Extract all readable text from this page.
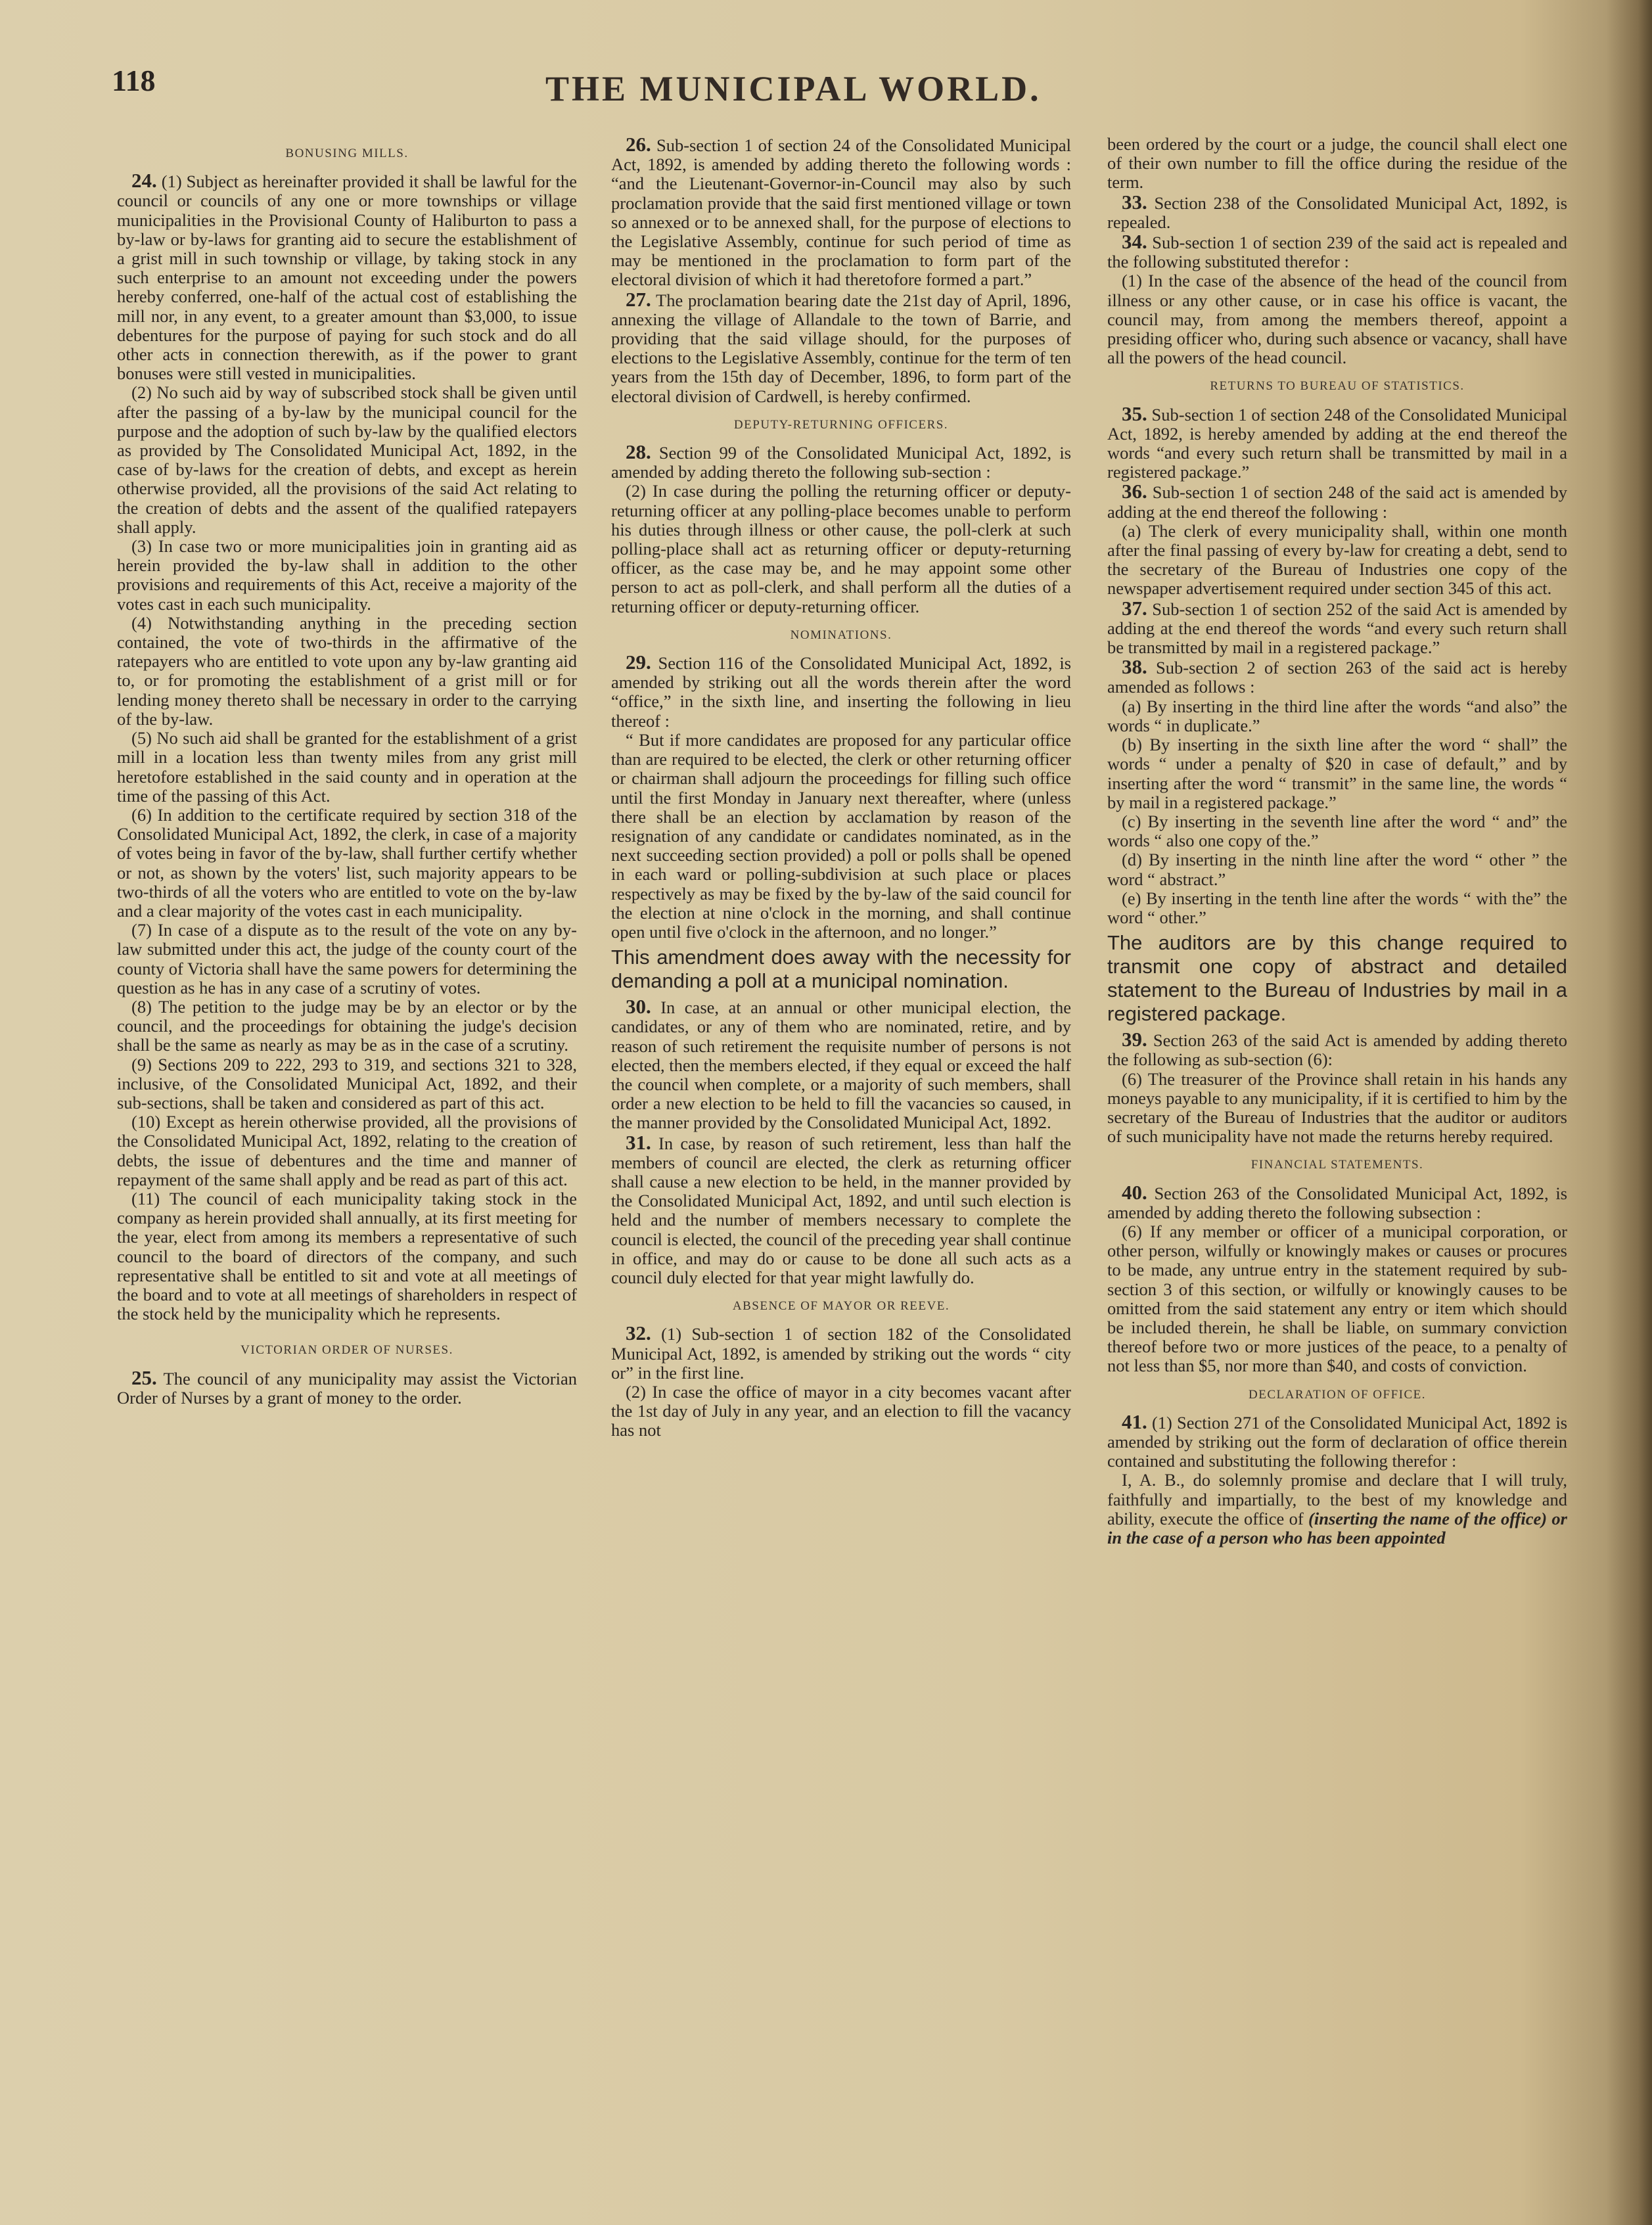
118	THE MUNICIPAL WORLD.
BONUSING MILLS.

24. (1) Subject as hereinafter provided it shall be lawful for the council or councils of any one or more townships or village municipalities in the Provisional County of Haliburton to pass a by-law or by-laws for granting aid to secure the establishment of a grist mill in such township or village, by taking stock in any such enterprise to an amount not exceeding under the powers hereby conferred, one-half of the actual cost of establishing the mill nor, in any event, to a greater amount than $3,000, to issue debentures for the purpose of paying for such stock and do all other acts in connection therewith, as if the power to grant bonuses were still vested in municipalities.

(2) No such aid by way of subscribed stock shall be given until after the passing of a by-law by the municipal council for the purpose and the adoption of such by-law by the qualified electors as provided by The Consolidated Municipal Act, 1892, in the case of by-laws for the creation of debts, and except as herein otherwise provided, all the provisions of the said Act relating to the creation of debts and the assent of the qualified ratepayers shall apply.

(3) In case two or more municipalities join in granting aid as herein provided the by-law shall in addition to the other provisions and requirements of this Act, receive a majority of the votes cast in each such municipality.

(4) Notwithstanding anything in the preceding section contained, the vote of two-thirds in the affirmative of the ratepayers who are entitled to vote upon any by-law granting aid to, or for promoting the establishment of a grist mill or for lending money thereto shall be necessary in order to the carrying of the by-law.

(5) No such aid shall be granted for the establishment of a grist mill in a location less than twenty miles from any grist mill heretofore established in the said county and in operation at the time of the passing of this Act.

(6) In addition to the certificate required by section 318 of the Consolidated Municipal Act, 1892, the clerk, in case of a majority of votes being in favor of the by-law, shall further certify whether or not, as shown by the voters' list, such majority appears to be two-thirds of all the voters who are entitled to vote on the by-law and a clear majority of the votes cast in each municipality.

(7) In case of a dispute as to the result of the vote on any by-law submitted under this act, the judge of the county court of the county of Victoria shall have the same powers for determining the question as he has in any case of a scrutiny of votes.

(8) The petition to the judge may be by an elector or by the council, and the proceedings for obtaining the judge's decision shall be the same as nearly as may be as in the case of a scrutiny.

(9) Sections 209 to 222, 293 to 319, and sections 321 to 328, inclusive, of the Consolidated Municipal Act, 1892, and their sub-sections, shall be taken and considered as part of this act.

(10) Except as herein otherwise provided, all the provisions of the Consolidated Municipal Act, 1892, relating to the creation of debts, the issue of debentures and the time and manner of repayment of the same shall apply and be read as part of this act.

(11) The council of each municipality taking stock in the company as herein provided shall annually, at its first meeting for the year, elect from among its members a representative of such council to the board of directors of the company, and such representative shall be entitled to sit and vote at all meetings of the board and to vote at all meetings of shareholders in respect of the stock held by the municipality which he represents.

VICTORIAN ORDER OF NURSES.

25. The council of any municipality may assist the Victorian Order of Nurses by a grant of money to the order.

26. Sub-section 1 of section 24 of the Consolidated Municipal Act, 1892, is amended by adding thereto the following words : “and the Lieutenant-Governor-in-Council may also by such proclamation provide that the said first mentioned village or town so annexed or to be annexed shall, for the purpose of elections to the Legislative Assembly, continue for such period of time as may be mentioned in the proclamation to form part of the electoral division of which it had theretofore formed a part.”

27. The proclamation bearing date the 21st day of April, 1896, annexing the village of Allandale to the town of Barrie, and providing that the said village should, for the purposes of elections to the Legislative Assembly, continue for the term of ten years from the 15th day of December, 1896, to form part of the electoral division of Cardwell, is hereby confirmed.

DEPUTY-RETURNING OFFICERS.

28. Section 99 of the Consolidated Municipal Act, 1892, is amended by adding thereto the following sub-section :

(2) In case during the polling the returning officer or deputy-returning officer at any polling-place becomes unable to perform his duties through illness or other cause, the poll-clerk at such polling-place shall act as returning officer or deputy-returning officer, as the case may be, and he may appoint some other person to act as poll-clerk, and shall perform all the duties of a returning officer or deputy-returning officer.

NOMINATIONS.

29. Section 116 of the Consolidated Municipal Act, 1892, is amended by striking out all the words therein after the word “office,” in the sixth line, and inserting the following in lieu thereof :

“ But if more candidates are proposed for any particular office than are required to be elected, the clerk or other returning officer or chairman shall adjourn the proceedings for filling such office until the first Monday in January next thereafter, where (unless there shall be an election by acclamation by reason of the resignation of any candidate or candidates nominated, as in the next succeeding section provided) a poll or polls shall be opened in each ward or polling-subdivision at such place or places respectively as may be fixed by the by-law of the said council for the election at nine o'clock in the morning, and shall continue open until five o'clock in the afternoon, and no longer.”

This amendment does away with the necessity for demanding a poll at a municipal nomination.

30. In case, at an annual or other municipal election, the candidates, or any of them who are nominated, retire, and by reason of such retirement the requisite number of persons is not elected, then the members elected, if they equal or exceed the half the council when complete, or a majority of such members, shall order a new election to be held to fill the vacancies so caused, in the manner provided by the Consolidated Municipal Act, 1892.

31. In case, by reason of such retirement, less than half the members of council are elected, the clerk as returning officer shall cause a new election to be held, in the manner provided by the Consolidated Municipal Act, 1892, and until such election is held and the number of members necessary to complete the council is elected, the council of the preceding year shall continue in office, and may do or cause to be done all such acts as a council duly elected for that year might lawfully do.

ABSENCE OF MAYOR OR REEVE.

32. (1) Sub-section 1 of section 182 of the Consolidated Municipal Act, 1892, is amended by striking out the words “ city or” in the first line.

(2) In case the office of mayor in a city becomes vacant after the 1st day of July in any year, and an election to fill the vacancy has not

been ordered by the court or a judge, the council shall elect one of their own number to fill the office during the residue of the term.

33. Section 238 of the Consolidated Municipal Act, 1892, is repealed.

34. Sub-section 1 of section 239 of the said act is repealed and the following substituted therefor :

(1) In the case of the absence of the head of the council from illness or any other cause, or in case his office is vacant, the council may, from among the members thereof, appoint a presiding officer who, during such absence or vacancy, shall have all the powers of the head council.

RETURNS TO BUREAU OF STATISTICS.

35. Sub-section 1 of section 248 of the Consolidated Municipal Act, 1892, is hereby amended by adding at the end thereof the words “and every such return shall be transmitted by mail in a registered package.”

36. Sub-section 1 of section 248 of the said act is amended by adding at the end thereof the following :

(a) The clerk of every municipality shall, within one month after the final passing of every by-law for creating a debt, send to the secretary of the Bureau of Industries one copy of the newspaper advertisement required under section 345 of this act.

37. Sub-section 1 of section 252 of the said Act is amended by adding at the end thereof the words “and every such return shall be transmitted by mail in a registered package.”

38. Sub-section 2 of section 263 of the said act is hereby amended as follows :

(a) By inserting in the third line after the words “and also” the words “ in duplicate.”

(b) By inserting in the sixth line after the word “ shall” the words “ under a penalty of $20 in case of default,” and by inserting after the word “ transmit” in the same line, the words “ by mail in a registered package.”

(c) By inserting in the seventh line after the word “ and” the words “ also one copy of the.”

(d) By inserting in the ninth line after the word “ other ” the word “ abstract.”

(e) By inserting in the tenth line after the words “ with the” the word “ other.”

The auditors are by this change required to transmit one copy of abstract and detailed statement to the Bureau of Industries by mail in a registered package.

39. Section 263 of the said Act is amended by adding thereto the following as sub-section (6):

(6) The treasurer of the Province shall retain in his hands any moneys payable to any municipality, if it is certified to him by the secretary of the Bureau of Industries that the auditor or auditors of such municipality have not made the returns hereby required.

FINANCIAL STATEMENTS.

40. Section 263 of the Consolidated Municipal Act, 1892, is amended by adding thereto the following subsection :

(6) If any member or officer of a municipal corporation, or other person, wilfully or knowingly makes or causes or procures to be made, any untrue entry in the statement required by sub-section 3 of this section, or wilfully or knowingly causes to be omitted from the said statement any entry or item which should be included therein, he shall be liable, on summary conviction thereof before two or more justices of the peace, to a penalty of not less than $5, nor more than $40, and costs of conviction.

DECLARATION OF OFFICE.

41. (1) Section 271 of the Consolidated Municipal Act, 1892 is amended by striking out the form of declaration of office therein contained and substituting the following therefor :

I, A. B., do solemnly promise and declare that I will truly, faithfully and impartially, to the best of my knowledge and ability, execute the office of (inserting the name of the office) or in the case of a person who has been appointed
